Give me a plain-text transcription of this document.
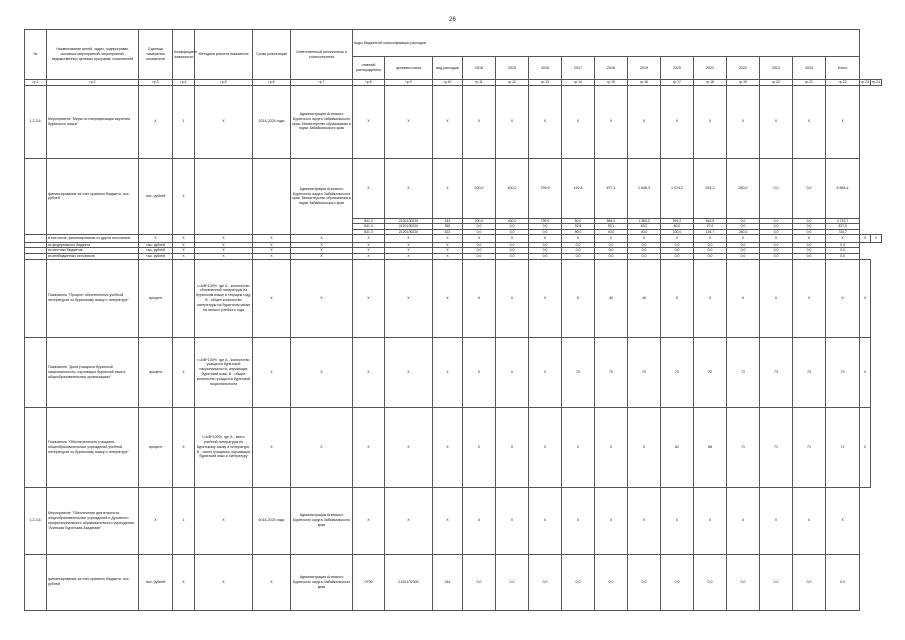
26
№	Наименование целей, задач, подпрограмм, основных мероприятий, мероприятий, ведомственных целевых программ, показателей	Единица измерения показателя	Коэффициент значимости	Методика расчета показателя	Сроки реализации	Ответственный исполнитель и соисполнители	Коды бюджетной классификации расходов																
							главный распорядитель	целевая статья	вид расходов	2018	2019	2016	2017	2018	2019	2020	2021	2022	2023	2024	Итого		
гр.1	гр.2	гр.3	гр.4	гр.5	гр.6	гр.7	гр.8	гр.9	гр.10	гр.11	гр.12	гр.13	гр.14	гр.15	гр.16	гр.17	гр.18	гр.19	гр.20	гр.21	гр.22	гр.23	гр.24
1.2.3.5.	Мероприятие "Меры по популяризации изучения бурятского языка"	X	1	X	2014-2024 годы	Администрация Агинского Бурятского округа Забайкальского края, Министерство образования и науки Забайкальского края	X	X	X	X	X	X	X	X	X	X	X	X	X	X	X		
	финансирование за счет краевого бюджета, тыс. рублей	тыс. рублей	X			Администрация Агинского Бурятского округа Забайкальского края, Министерство образования и науки Забайкальского края	X	X	X	200,0	400,0	799,9	192,8	677,1	1 646,3	1 074,2	914,2	260,0	0,0	0,0	5 864,4		
							841,3	21201Л0220	244	200,0	400,0	799,9	50,0	584,0	1 383,3	915,2	642,5	0,0	0,0	0,0	4 742,7		
							841,3	21201Л0220	350	0,0	0,0	0,0	92,8	93,1	63,2	60,0	27,0	0,0	0,0	0,0	337,0		
							841,3	21201Л0220	622	0,0	0,0	0,0	50,0	40,0	40,0	100,0	144,7	260,0	0,0	0,0	734,7		
	в том числе, финансирование из других источников:	X	X	X	X	X	X	X	X	X	X	X	X	X	X	X	X	X	X	X	X	X	X
	из федерального бюджета	тыс. рублей	X	X	X	X	X	X	X	0,0	0,0	0,0	0,0	0,0	0,0	0,0	0,0	0,0	0,0	0,0	0,0		
	из местных бюджетов	тыс. рублей	X	X	X	X	X	X	X	0,0	0,0	0,0	0,0	0,0	0,0	0,0	0,0	0,0	0,0	0,0	0,0		
	из внебюджетных источников	тыс. рублей	X	X	X	X	X	X	X	0,0	0,0	0,0	0,0	0,0	0,0	0,0	0,0	0,0	0,0	0,0	0,0		
	Показатель "Процент обеспеченных учебной литературой по бурятскому языку и литературе"	процент		I=A/B*100%, где А - количество обновленной литературы на бурятском языке в текущем году, В - общее количество литературы на бурятском языке на начало учебного года	X	X	X	X	X	X	X	X	X	40	40	X	X	X	X	X	X	X	
	Показатель "Доля учащихся бурятской национальности, изучающих бурятский язык в общеобразовательных организациях"	процент	X	I=A/B*100%, где А - количество учащихся бурятской национальности, изучающих бурятский язык, В - общее количество учащихся бурятской национальности	X	X	X	X	X	X	X	X	70	70	70	70	72	72	73	73	73	X	
	Показатель "Обеспеченность учащихся общеобразовательных учреждений учебной литературой по бурятскому языку и литературе"	процент	X	I=A/B*100%, где А - всего учебной литературы по бурятскому языку и литературе, В - число учащихся, изучающих бурятский язык и литературу	X	X	X	X	X	X	X	X	X	X	X	62	68	71	71	71	71	X	
1.2.3.6.	Мероприятие "Обеспечение деятельности общеобразовательных учреждений и Духовного профессионального образовательного учреждения "Агинская Бурятская Академия"	X	1	X	2014-2024 годы	Администрация Агинского Бурятского округа Забайкальского края	X	X	X	X	X	X	X	X	X	X	X	X	X	X	X		
	финансирование за счет краевого бюджета, тыс. рублей	тыс. рублей	X	X	X	Администрация Агинского Бурятского округа Забайкальского края	0706	21201Л2300	244	0,0	0,0	0,0	0,0	0,0	0,0	0,0	0,0	0,0	0,0	0,0	0,0		
